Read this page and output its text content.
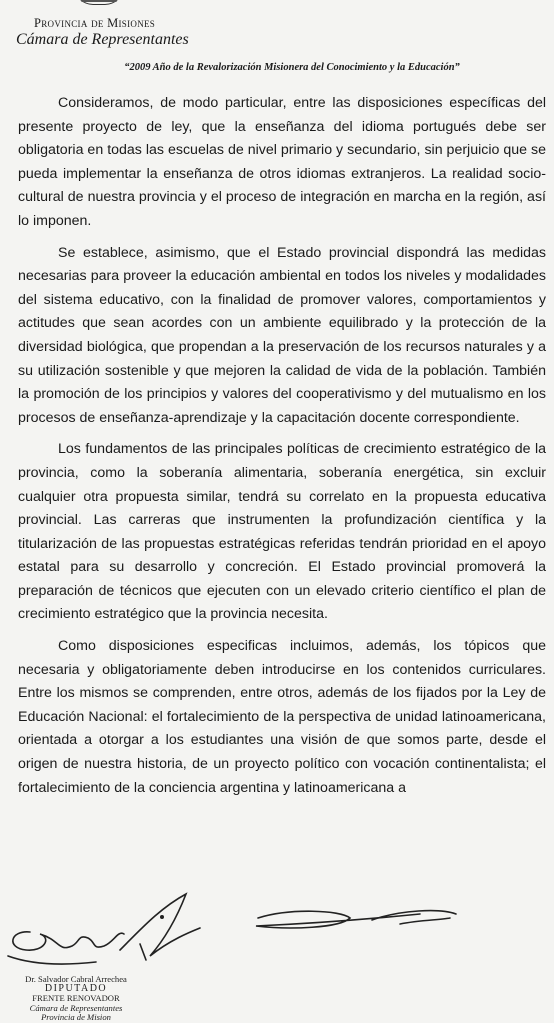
Provincia de Misiones
Cámara de Representantes
“2009 Año de la Revalorización Misionera del Conocimiento y la Educación”

Consideramos, de modo particular, entre las disposiciones específicas del presente proyecto de ley, que la enseñanza del idioma portugués debe ser obligatoria en todas las escuelas de nivel primario y secundario, sin perjuicio que se pueda implementar la enseñanza de otros idiomas extranjeros. La realidad socio-cultural de nuestra provincia y el proceso de integración en marcha en la región, así lo imponen.

Se establece, asimismo, que el Estado provincial dispondrá las medidas necesarias para proveer la educación ambiental en todos los niveles y modalidades del sistema educativo, con la finalidad de promover valores, comportamientos y actitudes que sean acordes con un ambiente equilibrado y la protección de la diversidad biológica, que propendan a la preservación de los recursos naturales y a su utilización sostenible y que mejoren la calidad de vida de la población. También la promoción de los principios y valores del cooperativismo y del mutualismo en los procesos de enseñanza-aprendizaje y la capacitación docente correspondiente.

Los fundamentos de las principales políticas de crecimiento estratégico de la provincia, como la soberanía alimentaria, soberanía energética, sin excluir cualquier otra propuesta similar, tendrá su correlato en la propuesta educativa provincial. Las carreras que instrumenten la profundización científica y la titularización de las propuestas estratégicas referidas tendrán prioridad en el apoyo estatal para su desarrollo y concreción. El Estado provincial promoverá la preparación de técnicos que ejecuten con un elevado criterio científico el plan de crecimiento estratégico que la provincia necesita.

Como disposiciones especificas incluimos, además, los tópicos que necesaria y obligatoriamente deben introducirse en los contenidos curriculares. Entre los mismos se comprenden, entre otros, además de los fijados por la Ley de Educación Nacional: el fortalecimiento de la perspectiva de unidad latinoamericana, orientada a otorgar a los estudiantes una visión de que somos parte, desde el origen de nuestra historia, de un proyecto político con vocación continentalista; el fortalecimiento de la conciencia argentina y latinoamericana a

Dr. Salvador Cabral Arrechea
DIPUTADO
FRENTE RENOVADOR
Cámara de Representantes
Provincia de Mision
